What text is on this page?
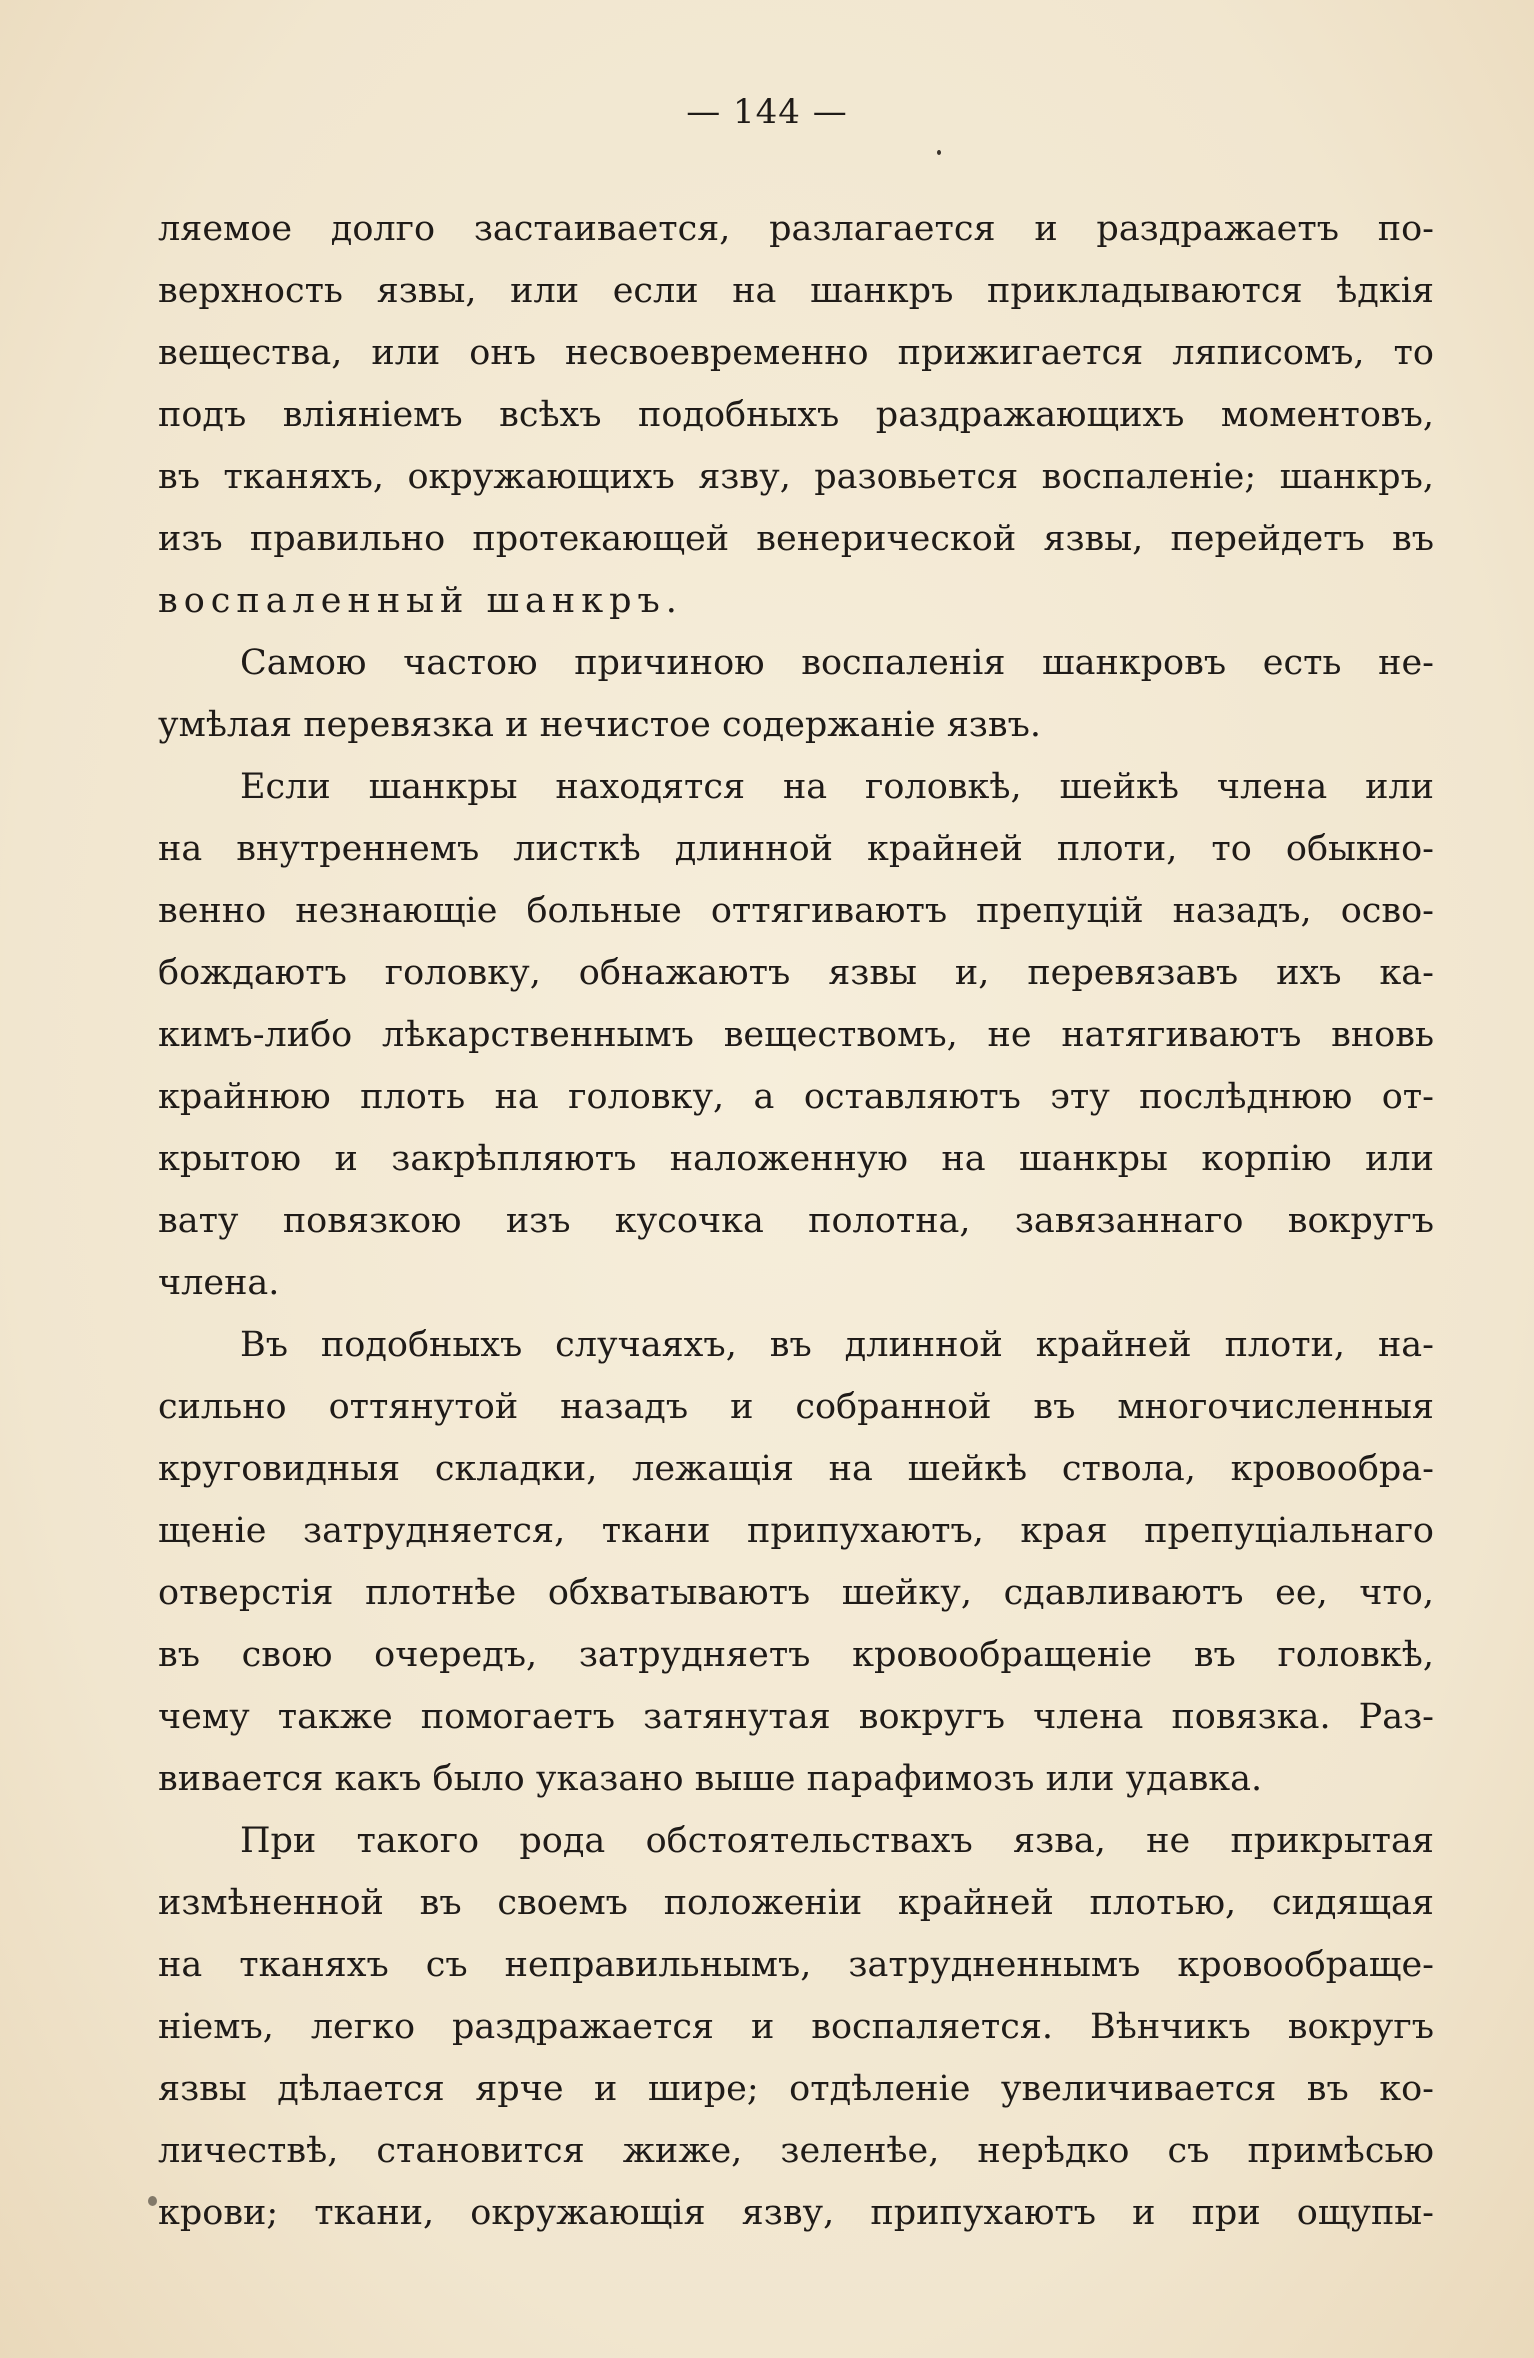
— 144 —
ляемое долго застаивается, разлагается и раздражаетъ по-
верхность язвы, или если на шанкръ прикладываются ѣдкія
вещества, или онъ несвоевременно прижигается ляписомъ, то
подъ вліяніемъ всѣхъ подобныхъ раздражающихъ моментовъ,
въ тканяхъ, окружающихъ язву, разовьется воспаленіе; шанкръ,
изъ правильно протекающей венерической язвы, перейдетъ въ
воспаленный шанкръ.
Самою частою причиною воспаленія шанкровъ есть не-
умѣлая перевязка и нечистое содержаніе язвъ.
Если шанкры находятся на головкѣ, шейкѣ члена или
на внутреннемъ листкѣ длинной крайней плоти, то обыкно-
венно незнающіе больные оттягиваютъ препуцій назадъ, осво-
бождаютъ головку, обнажаютъ язвы и, перевязавъ ихъ ка-
кимъ-либо лѣкарственнымъ веществомъ, не натягиваютъ вновь
крайнюю плоть на головку, а оставляютъ эту послѣднюю от-
крытою и закрѣпляютъ наложенную на шанкры корпію или
вату повязкою изъ кусочка полотна, завязаннаго вокругъ
члена.
Въ подобныхъ случаяхъ, въ длинной крайней плоти, на-
сильно оттянутой назадъ и собранной въ многочисленныя
круговидныя складки, лежащія на шейкѣ ствола, кровообра-
щеніе затрудняется, ткани припухаютъ, края препуціальнаго
отверстія плотнѣе обхватываютъ шейку, сдавливаютъ ее, что,
въ свою очередъ, затрудняетъ кровообращеніе въ головкѣ,
чему также помогаетъ затянутая вокругъ члена повязка. Раз-
вивается какъ было указано выше парафимозъ или удавка.
При такого рода обстоятельствахъ язва, не прикрытая
измѣненной въ своемъ положеніи крайней плотью, сидящая
на тканяхъ съ неправильнымъ, затрудненнымъ кровообраще-
ніемъ, легко раздражается и воспаляется. Вѣнчикъ вокругъ
язвы дѣлается ярче и шире; отдѣленіе увеличивается въ ко-
личествѣ, становится жиже, зеленѣе, нерѣдко съ примѣсью
крови; ткани, окружающія язву, припухаютъ и при ощупы-
